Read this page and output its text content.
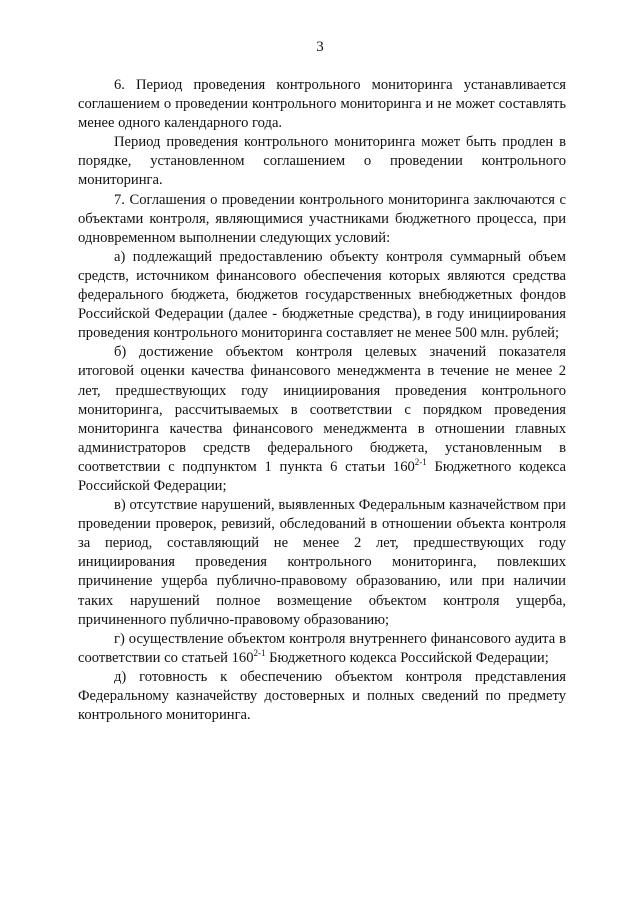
3

6. Период проведения контрольного мониторинга устанавливается соглашением о проведении контрольного мониторинга и не может составлять менее одного календарного года.

Период проведения контрольного мониторинга может быть продлен в порядке, установленном соглашением о проведении контрольного мониторинга.

7. Соглашения о проведении контрольного мониторинга заключаются с объектами контроля, являющимися участниками бюджетного процесса, при одновременном выполнении следующих условий:

а) подлежащий предоставлению объекту контроля суммарный объем средств, источником финансового обеспечения которых являются средства федерального бюджета, бюджетов государственных внебюджетных фондов Российской Федерации (далее - бюджетные средства), в году инициирования проведения контрольного мониторинга составляет не менее 500 млн. рублей;

б) достижение объектом контроля целевых значений показателя итоговой оценки качества финансового менеджмента в течение не менее 2 лет, предшествующих году инициирования проведения контрольного мониторинга, рассчитываемых в соответствии с порядком проведения мониторинга качества финансового менеджмента в отношении главных администраторов средств федерального бюджета, установленным в соответствии с подпунктом 1 пункта 6 статьи 160$^{2-1}$ Бюджетного кодекса Российской Федерации;

в) отсутствие нарушений, выявленных Федеральным казначейством при проведении проверок, ревизий, обследований в отношении объекта контроля за период, составляющий не менее 2 лет, предшествующих году инициирования проведения контрольного мониторинга, повлекших причинение ущерба публично-правовому образованию, или при наличии таких нарушений полное возмещение объектом контроля ущерба, причиненного публично-правовому образованию;

г) осуществление объектом контроля внутреннего финансового аудита в соответствии со статьей 160$^{2-1}$ Бюджетного кодекса Российской Федерации;

д) готовность к обеспечению объектом контроля представления Федеральному казначейству достоверных и полных сведений по предмету контрольного мониторинга.
